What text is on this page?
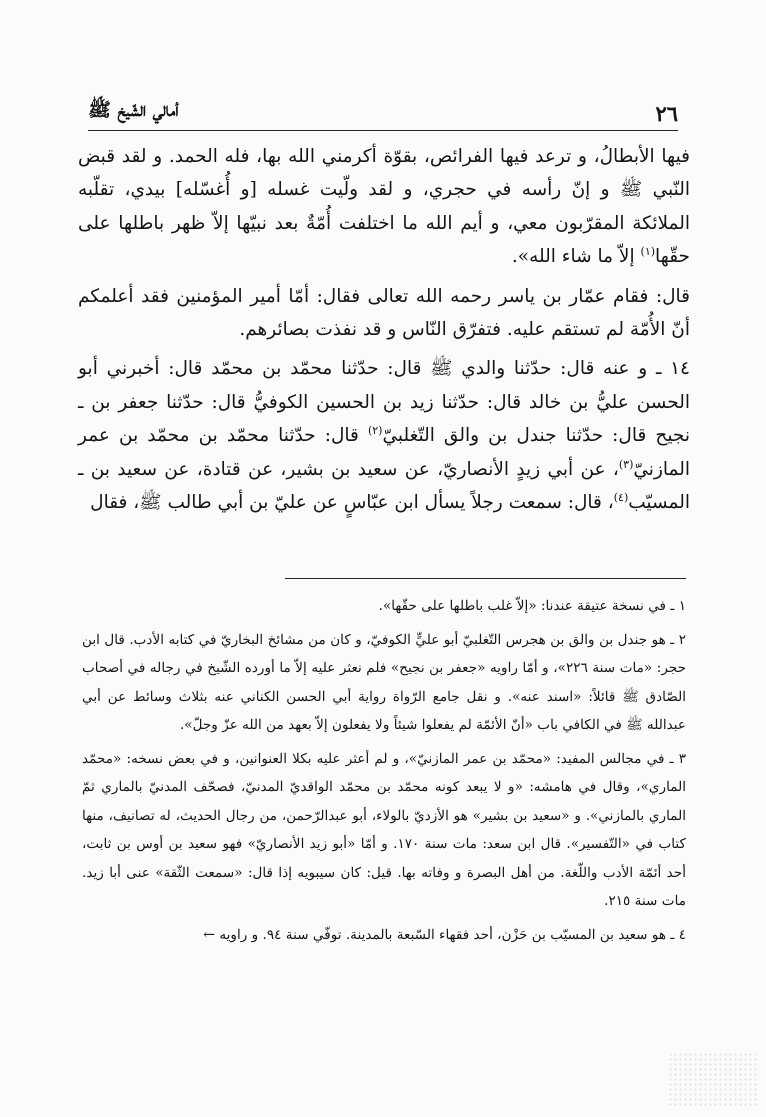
٢٦
أمالي الشّيخ ﷺ

فيها الأبطالُ، و ترعد فيها الفرائص، بقوّة أكرمني الله بها، فله الحمد. و لقد قبض النّبي ﷺ و إنّ رأسه في حجري، و لقد ولّيت غسله [و أُغسّله] بيدي، تقلّبه الملائكة المقرّبون معي، و أيم الله ما اختلفت أُمّةٌ بعد نبيّها إلاّ ظهر باطلها على حقّها$^{(١)}$ إلاّ ما شاء الله».

قال: فقام عمّار بن ياسر رحمه الله تعالى فقال: أمّا أمير المؤمنين فقد أعلمكم أنّ الأُمّة لم تستقم عليه. فتفرّق النّاس و قد نفذت بصائرهم.

١٤ ـ و عنه قال: حدّثنا والدي ﷺ قال: حدّثنا محمّد بن محمّد قال: أخبرني أبو الحسن عليُّ بن خالد قال: حدّثنا زيد بن الحسين الكوفيُّ قال: حدّثنا جعفر بن ـ نجيح قال: حدّثنا جندل بن والق التّغلبيّ$^{(٢)}$ قال: حدّثنا محمّد بن محمّد بن عمر المازنيّ$^{(٣)}$، عن أبي زيدٍ الأنصاريّ، عن سعيد بن بشير، عن قتادة، عن سعيد بن ـ المسيّب$^{(٤)}$، قال: سمعت رجلاً يسأل ابن عبّاسٍ عن عليّ بن أبي طالب ﷺ، فقال

١ ـ في نسخة عتيقة عندنا: «إلاّ غلب باطلها على حقّها».

٢ ـ هو جندل بن والق بن هجرس التّغلبيّ أبو عليٍّ الكوفيّ، و كان من مشائخ البخاريّ في كتابه الأدب. قال ابن حجر: «مات سنة ٢٢٦»، و أمّا راويه «جعفر بن نجيح» فلم نعثر عليه إلاّ ما أورده الشّيخ في رجاله في أصحاب الصّادق ﷺ قائلاً: «اسند عنه». و نقل جامع الرّواة رواية أبي الحسن الكناني عنه بثلاث وسائط عن أبي عبدالله ﷺ في الكافي باب «أنّ الأئمّة لم يفعلوا شيئاً ولا يفعلون إلاّ بعهد من الله عزّ وجلّ».

٣ ـ في مجالس المفيد: «محمّد بن عمر المازنيّ»، و لم أعثر عليه بكلا العنوانين، و في بعض نسخه: «محمّد الماري»، وقال في هامشه: «و لا يبعد كونه محمّد بن محمّد الواقديّ المدنيّ، فصحّف المدنيّ بالماري ثمّ الماري بالمازني». و «سعيد بن بشير» هو الأزديّ بالولاء، أبو عبدالرّحمن، من رجال الحديث، له تصانيف، منها كتاب في «التّفسير». قال ابن سعد: مات سنة ١٧٠. و أمّا «أبو زيد الأنصاريّ» فهو سعيد بن أوس بن ثابت، أحد أئمّة الأدب واللّغة. من أهل البصرة و وفاته بها. قيل: كان سيبويه إذا قال: «سمعت الثّقة» عنى أبا زيد. مات سنة ٢١٥.

٤ ـ هو سعيد بن المسيّب بن حَزْن، أحد فقهاء السّبعة بالمدينة. توفّي سنة ٩٤. و راويه ←
